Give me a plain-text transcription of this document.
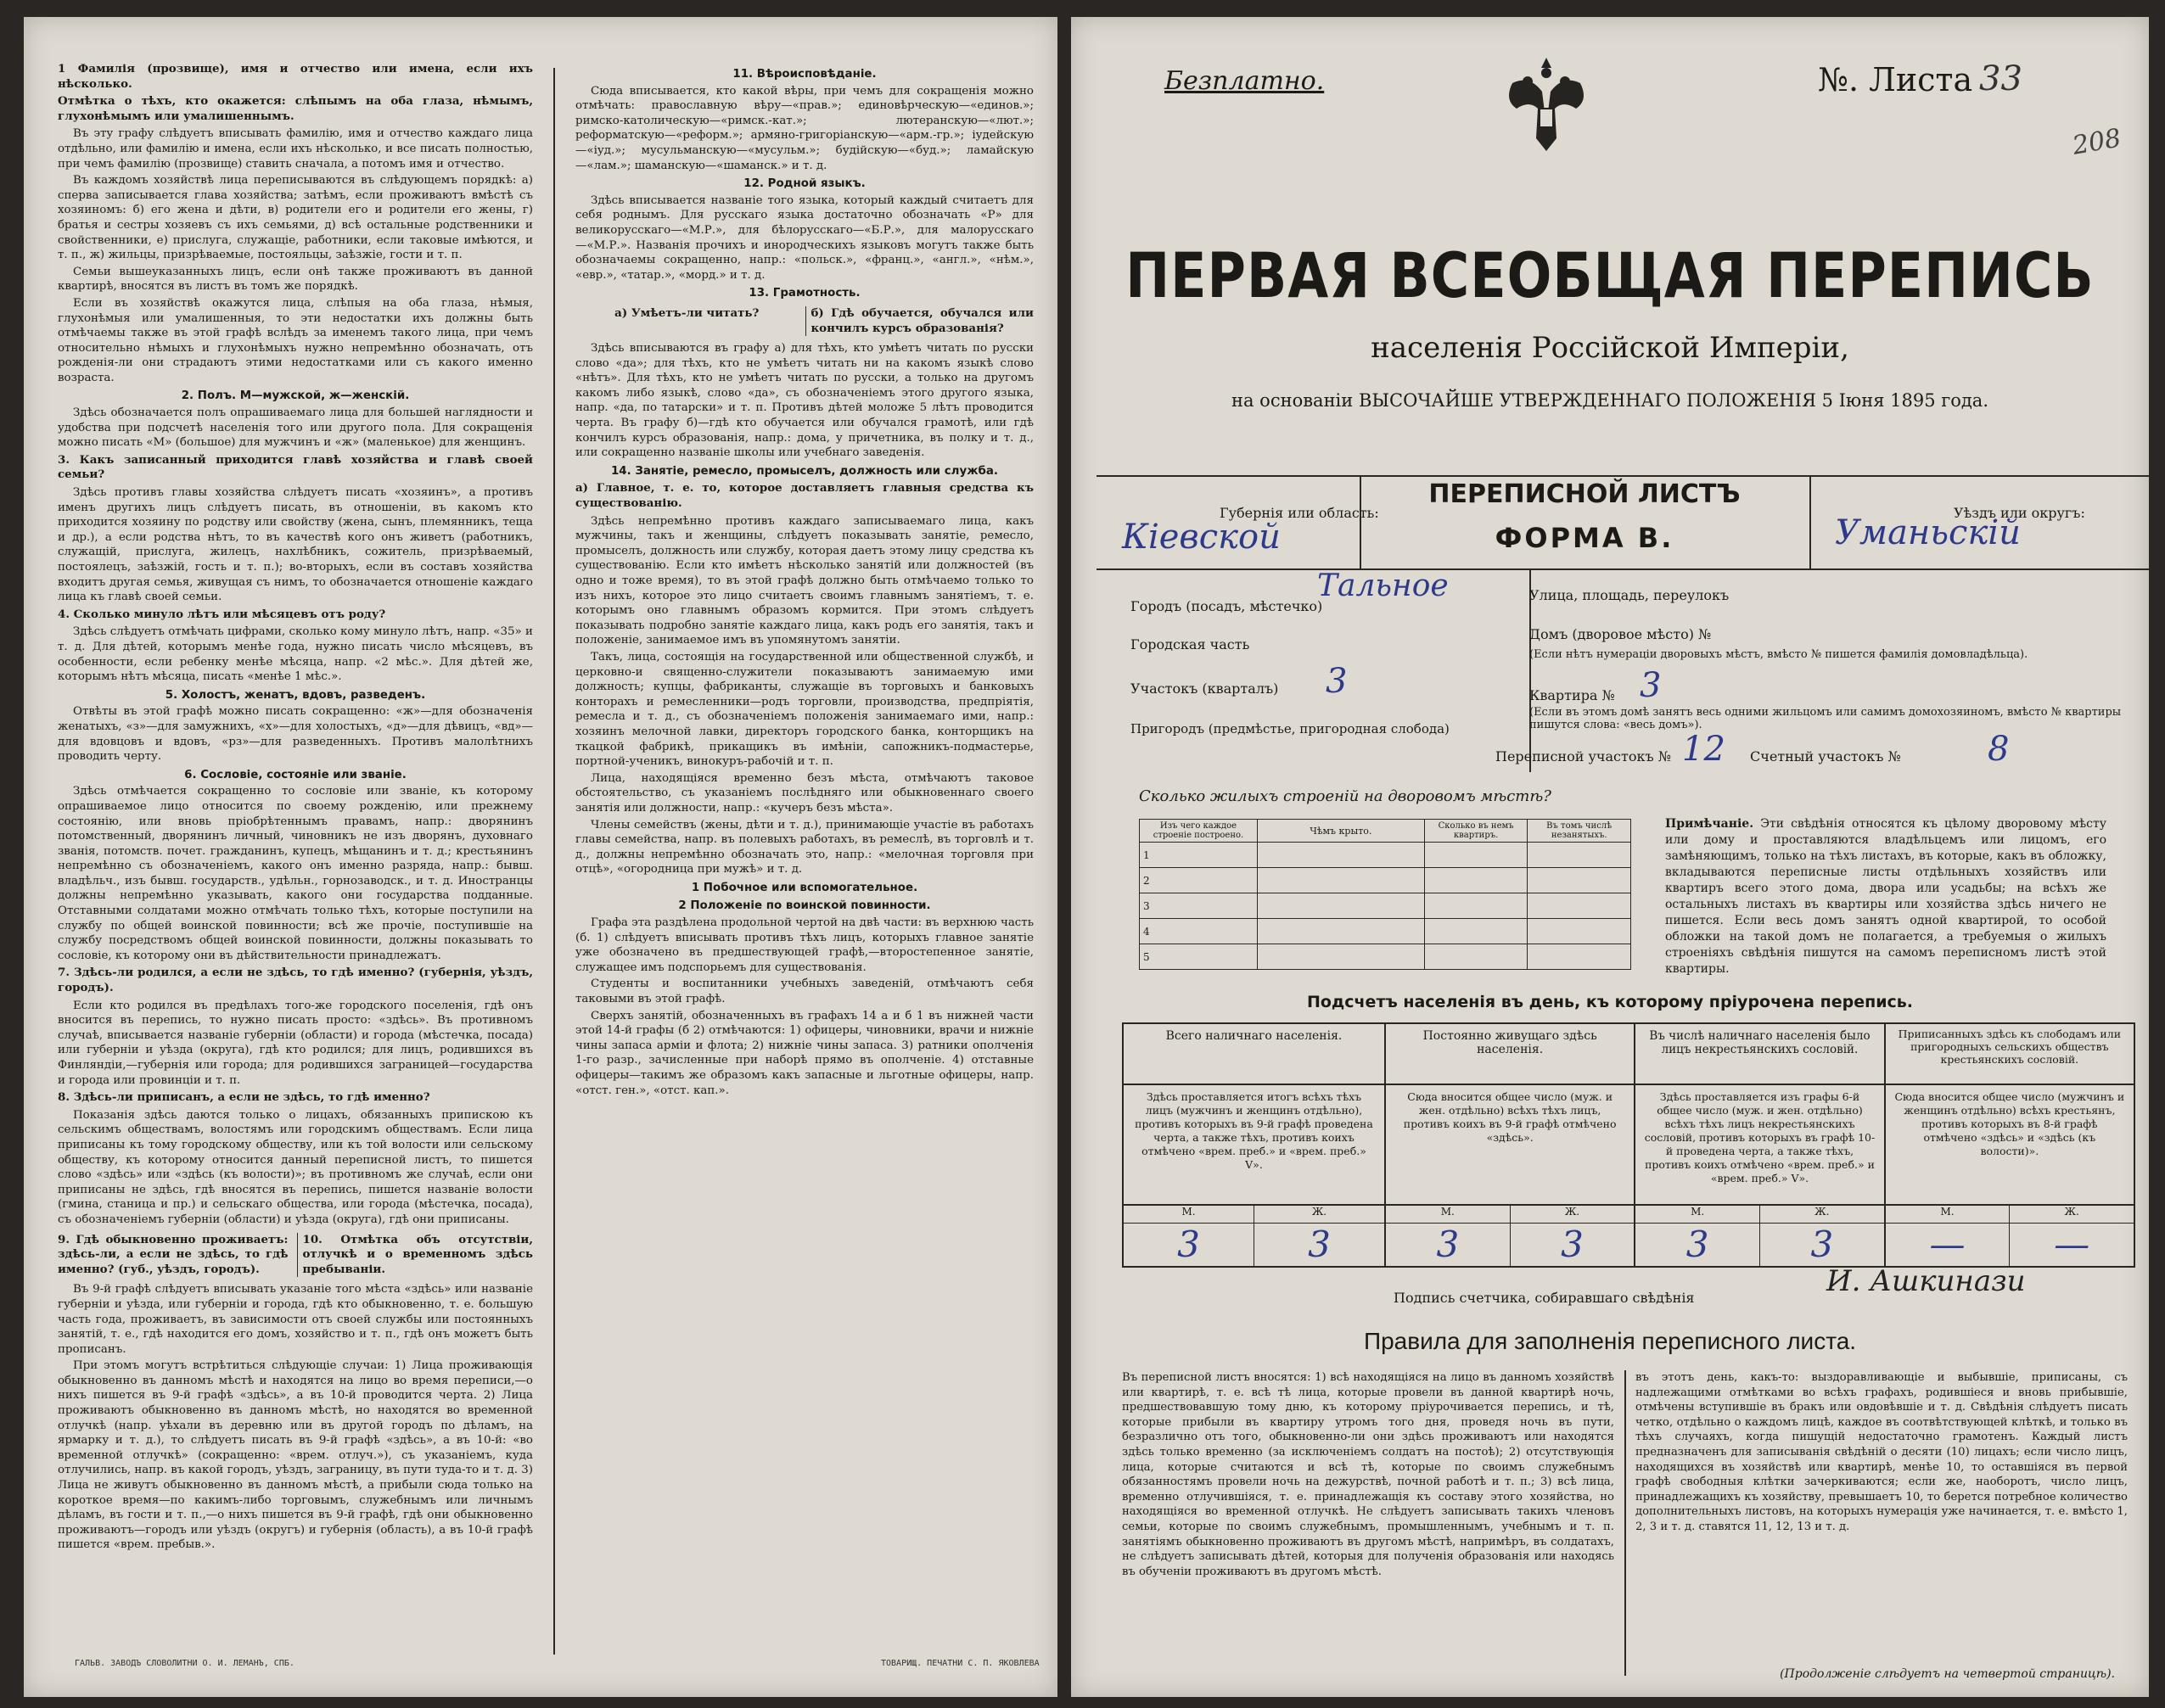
1 Фамилія (прозвище), имя и отчество или имена, если ихъ нѣсколько.

Отмѣтка о тѣхъ, кто окажется: слѣпымъ на оба глаза, нѣмымъ, глухонѣмымъ или умалишеннымъ.

Въ эту графу слѣдуетъ вписывать фамилію, имя и отчество каждаго лица отдѣльно, или фамилію и имена, если ихъ нѣсколько, и все писать полностью, при чемъ фамилію (прозвище) ставить сначала, а потомъ имя и отчество.

Въ каждомъ хозяйствѣ лица переписываются въ слѣдующемъ порядкѣ: а) сперва записывается глава хозяйства; затѣмъ, если проживаютъ вмѣстѣ съ хозяиномъ: б) его жена и дѣти, в) родители его и родители его жены, г) братья и сестры хозяевъ съ ихъ семьями, д) всѣ остальные родственники и свойственники, е) прислуга, служащіе, работники, если таковые имѣются, и т. п., ж) жильцы, призрѣваемые, постояльцы, заѣзжіе, гости и т. п.

Семьи вышеуказанныхъ лицъ, если онѣ также проживаютъ въ данной квартирѣ, вносятся въ листъ въ томъ же порядкѣ.

Если въ хозяйствѣ окажутся лица, слѣпыя на оба глаза, нѣмыя, глухонѣмыя или умалишенныя, то эти недостатки ихъ должны быть отмѣчаемы также въ этой графѣ вслѣдъ за именемъ такого лица, при чемъ относительно нѣмыхъ и глухонѣмыхъ нужно непремѣнно обозначать, отъ рожденія-ли они страдаютъ этими недостатками или съ какого именно возраста.

2. Полъ. М—мужской, ж—женскій.

Здѣсь обозначается полъ опрашиваемаго лица для большей наглядности и удобства при подсчетѣ населенія того или другого пола. Для сокращенія можно писать «М» (большое) для мужчинъ и «ж» (маленькое) для женщинъ.

3. Какъ записанный приходится главѣ хозяйства и главѣ своей семьи?

Здѣсь противъ главы хозяйства слѣдуетъ писать «хозяинъ», а противъ именъ другихъ лицъ слѣдуетъ писать, въ отношеніи, въ какомъ кто приходится хозяину по родству или свойству (жена, сынъ, племянникъ, теща и др.), а если родства нѣтъ, то въ качествѣ кого онъ живетъ (работникъ, служащій, прислуга, жилецъ, нахлѣбникъ, сожитель, призрѣваемый, постоялецъ, заѣзжій, гость и т. п.); во-вторыхъ, если въ составъ хозяйства входитъ другая семья, живущая съ нимъ, то обозначается отношеніе каждаго лица къ главѣ своей семьи.

4. Сколько минуло лѣтъ или мѣсяцевъ отъ роду?

Здѣсь слѣдуетъ отмѣчать цифрами, сколько кому минуло лѣтъ, напр. «35» и т. д. Для дѣтей, которымъ менѣе года, нужно писать число мѣсяцевъ, въ особенности, если ребенку менѣе мѣсяца, напр. «2 мѣс.». Для дѣтей же, которымъ нѣтъ мѣсяца, писать «менѣе 1 мѣс.».

5. Холостъ, женатъ, вдовъ, разведенъ.

Отвѣты въ этой графѣ можно писать сокращенно: «ж»—для обозначенія женатыхъ, «з»—для замужнихъ, «х»—для холостыхъ, «д»—для дѣвицъ, «вд»—для вдовцовъ и вдовъ, «рз»—для разведенныхъ. Противъ малолѣтнихъ проводить черту.

6. Сословіе, состояніе или званіе.

Здѣсь отмѣчается сокращенно то сословіе или званіе, къ которому опрашиваемое лицо относится по своему рожденію, или прежнему состоянію, или вновь пріобрѣтеннымъ правамъ, напр.: дворянинъ потомственный, дворянинъ личный, чиновникъ не изъ дворянъ, духовнаго званія, потомств. почет. гражданинъ, купецъ, мѣщанинъ и т. д.; крестьянинъ непремѣнно съ обозначеніемъ, какого онъ именно разряда, напр.: бывш. владѣльч., изъ бывш. государств., удѣльн., горнозаводск., и т. д. Иностранцы должны непремѣнно указывать, какого они государства подданные. Отставными солдатами можно отмѣчать только тѣхъ, которые поступили на службу по общей воинской повинности; всѣ же прочіе, поступившіе на службу посредствомъ общей воинской повинности, должны показывать то сословіе, къ которому они въ дѣйствительности принадлежатъ.

7. Здѣсь-ли родился, а если не здѣсь, то гдѣ именно? (губернія, уѣздъ, городъ).

Если кто родился въ предѣлахъ того-же городского поселенія, гдѣ онъ вносится въ перепись, то нужно писать просто: «здѣсь». Въ противномъ случаѣ, вписывается названіе губерніи (области) и города (мѣстечка, посада) или губерніи и уѣзда (округа), гдѣ кто родился; для лицъ, родившихся въ Финляндіи,—губернія или города; для родившихся заграницей—государства и города или провинціи и т. п.

8. Здѣсь-ли приписанъ, а если не здѣсь, то гдѣ именно?

Показанія здѣсь даются только о лицахъ, обязанныхъ припискою къ сельскимъ обществамъ, волостямъ или городскимъ обществамъ. Если лица приписаны къ тому городскому обществу, или къ той волости или сельскому обществу, къ которому относится данный переписной листъ, то пишется слово «здѣсь» или «здѣсь (къ волости)»; въ противномъ же случаѣ, если они приписаны не здѣсь, гдѣ вносятся въ перепись, пишется названіе волости (гмина, станица и пр.) и сельскаго общества, или города (мѣстечка, посада), съ обозначеніемъ губерніи (области) и уѣзда (округа), гдѣ они приписаны.

9. Гдѣ обыкновенно проживаетъ: здѣсь-ли, а если не здѣсь, то гдѣ именно? (губ., уѣздъ, городъ).

10. Отмѣтка объ отсутствіи, отлучкѣ и о временномъ здѣсь пребываніи.

Въ 9-й графѣ слѣдуетъ вписывать указаніе того мѣста «здѣсь» или названіе губерніи и уѣзда, или губерніи и города, гдѣ кто обыкновенно, т. е. большую часть года, проживаетъ, въ зависимости отъ своей службы или постоянныхъ занятій, т. е., гдѣ находится его домъ, хозяйство и т. п., гдѣ онъ можетъ быть прописанъ.

При этомъ могутъ встрѣтиться слѣдующіе случаи: 1) Лица проживающія обыкновенно въ данномъ мѣстѣ и находятся на лицо во время переписи,—о нихъ пишется въ 9-й графѣ «здѣсь», а въ 10-й проводится черта. 2) Лица проживаютъ обыкновенно въ данномъ мѣстѣ, но находятся во временной отлучкѣ (напр. уѣхали въ деревню или въ другой городъ по дѣламъ, на ярмарку и т. д.), то слѣдуетъ писать въ 9-й графѣ «здѣсь», а въ 10-й: «во временной отлучкѣ» (сокращенно: «врем. отлуч.»), съ указаніемъ, куда отлучились, напр. въ какой городъ, уѣздъ, заграницу, въ пути туда-то и т. д. 3) Лица не живутъ обыкновенно въ данномъ мѣстѣ, а прибыли сюда только на короткое время—по какимъ-либо торговымъ, служебнымъ или личнымъ дѣламъ, въ гости и т. п.,—о нихъ пишется въ 9-й графѣ, гдѣ они обыкновенно проживаютъ—городъ или уѣздъ (округъ) и губернія (область), а въ 10-й графѣ пишется «врем. пребыв.».

ГАЛЬВ. ЗАВОДЪ СЛОВОЛИТНИ О. И. ЛЕМАНЪ, СПБ.

11. Вѣроисповѣданіе.

Сюда вписывается, кто какой вѣры, при чемъ для сокращенія можно отмѣчать: православную вѣру—«прав.»; единовѣрческую—«единов.»; римско-католическую—«римск.-кат.»; лютеранскую—«лют.»; реформатскую—«реформ.»; армяно-григоріанскую—«арм.-гр.»; іудейскую—«іуд.»; мусульманскую—«мусульм.»; будійскую—«буд.»; ламайскую—«лам.»; шаманскую—«шаманск.» и т. д.

12. Родной языкъ.

Здѣсь вписывается названіе того языка, который каждый считаетъ для себя роднымъ. Для русскаго языка достаточно обозначать «Р» для великорусскаго—«М.Р.», для бѣлорусскаго—«Б.Р.», для малорусскаго—«М.Р.». Названія прочихъ и инородческихъ языковъ могутъ также быть обозначаемы сокращенно, напр.: «польск.», «франц.», «англ.», «нѣм.», «евр.», «татар.», «морд.» и т. д.

13. Грамотность.

а) Умѣетъ-ли читать?	б) Гдѣ обучается, обучался или кончилъ курсъ образованія?

Здѣсь вписываются въ графу а) для тѣхъ, кто умѣетъ читать по русски слово «да»; для тѣхъ, кто не умѣетъ читать ни на какомъ языкѣ слово «нѣтъ». Для тѣхъ, кто не умѣетъ читать по русски, а только на другомъ какомъ либо языкѣ, слово «да», съ обозначеніемъ этого другого языка, напр. «да, по татарски» и т. п. Противъ дѣтей моложе 5 лѣтъ проводится черта. Въ графу б)—гдѣ кто обучается или обучался грамотѣ, или гдѣ кончилъ курсъ образованія, напр.: дома, у причетника, въ полку и т. д., или сокращенно названіе школы или учебнаго заведенія.

14. Занятіе, ремесло, промыселъ, должность или служба.

а) Главное, т. е. то, которое доставляетъ главныя средства къ существованію.

Здѣсь непремѣнно противъ каждаго записываемаго лица, какъ мужчины, такъ и женщины, слѣдуетъ показывать занятіе, ремесло, промыселъ, должность или службу, которая даетъ этому лицу средства къ существованію. Если кто имѣетъ нѣсколько занятій или должностей (въ одно и тоже время), то въ этой графѣ должно быть отмѣчаемо только то изъ нихъ, которое это лицо считаетъ своимъ главнымъ занятіемъ, т. е. которымъ оно главнымъ образомъ кормится. При этомъ слѣдуетъ показывать подробно занятіе каждаго лица, какъ родъ его занятія, такъ и положеніе, занимаемое имъ въ упомянутомъ занятіи.

Такъ, лица, состоящія на государственной или общественной службѣ, и церковно-и священно-служители показываютъ занимаемую ими должность; купцы, фабриканты, служащіе въ торговыхъ и банковыхъ конторахъ и ремесленники—родъ торговли, производства, предпріятія, ремесла и т. д., съ обозначеніемъ положенія занимаемаго ими, напр.: хозяинъ мелочной лавки, директоръ городского банка, конторщикъ на ткацкой фабрикѣ, прикащикъ въ имѣніи, сапожникъ-подмастерье, портной-ученикъ, винокуръ-рабочій и т. п.

Лица, находящіяся временно безъ мѣста, отмѣчаютъ таковое обстоятельство, съ указаніемъ послѣдняго или обыкновеннаго своего занятія или должности, напр.: «кучеръ безъ мѣста».

Члены семействъ (жены, дѣти и т. д.), принимающіе участіе въ работахъ главы семейства, напр. въ полевыхъ работахъ, въ ремеслѣ, въ торговлѣ и т. д., должны непремѣнно обозначать это, напр.: «мелочная торговля при отцѣ», «огородница при мужѣ» и т. д.

1 Побочное или вспомогательное.

2 Положеніе по воинской повинности.

Графа эта раздѣлена продольной чертой на двѣ части: въ верхнюю часть (б. 1) слѣдуетъ вписывать противъ тѣхъ лицъ, которыхъ главное занятіе уже обозначено въ предшествующей графѣ,—второстепенное занятіе, служащее имъ подспорьемъ для существованія.

Студенты и воспитанники учебныхъ заведеній, отмѣчаютъ себя таковыми въ этой графѣ.

Сверхъ занятій, обозначенныхъ въ графахъ 14 а и б 1 въ нижней части этой 14-й графы (б 2) отмѣчаются: 1) офицеры, чиновники, врачи и нижніе чины запаса арміи и флота; 2) нижніе чины запаса. 3) ратники ополченія 1-го разр., зачисленные при наборѣ прямо въ ополченіе. 4) отставные офицеры—такимъ же образомъ какъ запасные и льготные офицеры, напр. «отст. ген.», «отст. кап.».

ТОВАРИЩ. ПЕЧАТНИ С. П. ЯКОВЛЕВА
Безплатно.	№. Листа 33
208
ПЕРВАЯ ВСЕОБЩАЯ ПЕРЕПИСЬ
населенія Россійской Имперіи,
на основаніи ВЫСОЧАЙШЕ УТВЕРЖДЕННАГО ПОЛОЖЕНІЯ 5 Іюня 1895 года.
Губернія или область:
Кіевской
ПЕРЕПИСНОЙ ЛИСТЪ
ФОРМА В.
Уѣздъ или округъ:
Уманьскій
Городъ (посадъ, мѣстечко)
Тальное
Городская часть
Участокъ (кварталъ) 3
Пригородъ (предмѣстье, пригородная слобода)
Улица, площадь, переулокъ
Домъ (дворовое мѣсто) №
(Если нѣтъ нумераціи дворовыхъ мѣстъ, вмѣсто № пишется фамилія домовладѣльца).
Квартира № 3
(Если въ этомъ домѣ занятъ весь одними жильцомъ или самимъ домохозяиномъ, вмѣсто № квартиры пишутся слова: «весь домъ»).
Переписной участокъ № 12 Счетный участокъ №	8
Сколько жилыхъ строеній на дворовомъ мѣстѣ?
Изъ чего каждое строеніе построено.	Чѣмъ крыто.	Сколько въ немъ квартиръ.	Въ томъ числѣ незанятыхъ.
1			
2			
3			
4			
5			
Примѣчаніе. Эти свѣдѣнія относятся къ цѣлому дворовому мѣсту или дому и проставляются владѣльцемъ или лицомъ, его замѣняющимъ, только на тѣхъ листахъ, въ которые, какъ въ обложку, вкладываются переписные листы отдѣльныхъ хозяйствъ или квартиръ всего этого дома, двора или усадьбы; на всѣхъ же остальныхъ листахъ въ квартиры или хозяйства здѣсь ничего не пишется. Если весь домъ занятъ одной квартирой, то особой обложки на такой домъ не полагается, а требуемыя о жилыхъ строеніяхъ свѣдѣнія пишутся на самомъ переписномъ листѣ этой квартиры.
Подсчетъ населенія въ день, къ которому пріурочена перепись.
Всего наличнаго населенія.
Здѣсь проставляется итогъ всѣхъ тѣхъ лицъ (мужчинъ и женщинъ отдѣльно), противъ которыхъ въ 9-й графѣ проведена черта, а также тѣхъ, противъ коихъ отмѣчено «врем. преб.» и «врем. преб.» V».
М.	Ж.
3	3
Постоянно живущаго здѣсь населенія.
Сюда вносится общее число (муж. и жен. отдѣльно) всѣхъ тѣхъ лицъ, противъ коихъ въ 9-й графѣ отмѣчено «здѣсь».
М.	Ж.
3	3
Въ числѣ наличнаго населенія было лицъ некрестьянскихъ сословій.
Здѣсь проставляется изъ графы 6-й общее число (муж. и жен. отдѣльно) всѣхъ тѣхъ лицъ некрестьянскихъ сословій, противъ которыхъ въ графѣ 10-й проведена черта, а также тѣхъ, противъ коихъ отмѣчено «врем. преб.» и «врем. преб.» V».
М.	Ж.
3	3
Приписанныхъ здѣсь къ слободамъ или пригородныхъ сельскихъ обществъ крестьянскихъ сословій.
Сюда вносится общее число (мужчинъ и женщинъ отдѣльно) всѣхъ крестьянъ, противъ которыхъ въ 8-й графѣ отмѣчено «здѣсь» и «здѣсь (къ волости)».
М.	Ж.
—	—
Подпись счетчика, собиравшаго свѣдѣнія	И. Ашкинази
Правила для заполненія переписного листа.
Въ переписной листъ вносятся: 1) всѣ находящіяся на лицо въ данномъ хозяйствѣ или квартирѣ, т. е. всѣ тѣ лица, которые провели въ данной квартирѣ ночь, предшествовавшую тому дню, къ которому пріурочивается перепись, и тѣ, которые прибыли въ квартиру утромъ того дня, проведя ночь въ пути, безразлично отъ того, обыкновенно-ли они здѣсь проживаютъ или находятся здѣсь только временно (за исключеніемъ солдатъ на постоѣ); 2) отсутствующія лица, которые считаются и всѣ тѣ, которые по своимъ служебнымъ обязанностямъ провели ночь на дежурствѣ, почной работѣ и т. п.; 3) всѣ лица, временно отлучившіяся, т. е. принадлежащія къ составу этого хозяйства, но находящіяся во временной отлучкѣ. Не слѣдуетъ записывать такихъ членовъ семьи, которые по своимъ служебнымъ, промышленнымъ, учебнымъ и т. п. занятіямъ обыкновенно проживаютъ въ другомъ мѣстѣ, напримѣръ, въ солдатахъ, не слѣдуетъ записывать дѣтей, которыя для полученія образованія или находясь въ обученіи проживаютъ въ другомъ мѣстѣ.
въ этотъ день, какъ-то: выздоравливающіе и выбывшіе, приписаны, съ надлежащими отмѣтками во всѣхъ графахъ, родившіеся и вновь прибывшіе, отмѣчены вступившіе въ бракъ или овдовѣвшіе и т. д. Свѣдѣнія слѣдуетъ писать четко, отдѣльно о каждомъ лицѣ, каждое въ соотвѣтствующей клѣткѣ, и только въ тѣхъ случаяхъ, когда пишущій недостаточно грамотенъ. Каждый листъ предназначенъ для записыванія свѣдѣній о десяти (10) лицахъ; если число лицъ, находящихся въ хозяйствѣ или квартирѣ, менѣе 10, то оставшіяся въ первой графѣ свободныя клѣтки зачеркиваются; если же, наоборотъ, число лицъ, принадлежащихъ къ хозяйству, превышаетъ 10, то берется потребное количество дополнительныхъ листовъ, на которыхъ нумерація уже начинается, т. е. вмѣсто 1, 2, 3 и т. д. ставятся 11, 12, 13 и т. д.
(Продолженіе слѣдуетъ на четвертой страницѣ).
